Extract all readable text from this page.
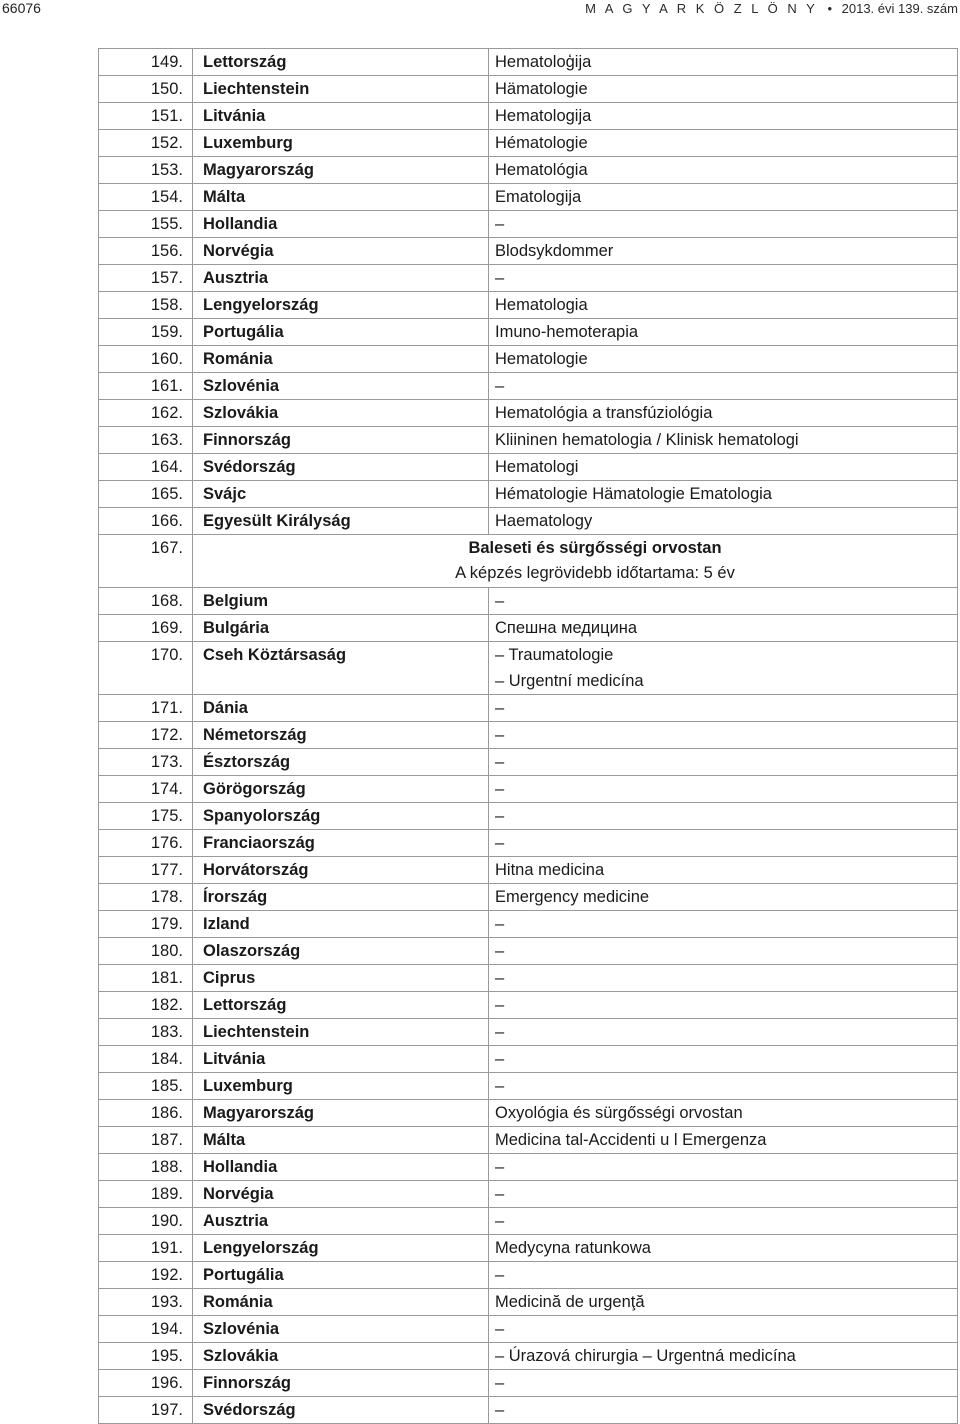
66076	M A G Y A R K Ö Z L Ö N Y • 2013. évi 139. szám
149.	Lettország	Hematoloģija

150.	Liechtenstein	Hämatologie

151.	Litvánia	Hematologija

152.	Luxemburg	Hématologie

153.	Magyarország	Hematológia

154.	Málta	Ematologija

155.	Hollandia	–

156.	Norvégia	Blodsykdommer

157.	Ausztria	–

158.	Lengyelország	Hematologia

159.	Portugália	Imuno-hemoterapia

160.	Románia	Hematologie

161.	Szlovénia	–

162.	Szlovákia	Hematológia a transfúziológia

163.	Finnország	Kliininen hematologia / Klinisk hematologi

164.	Svédország	Hematologi

165.	Svájc	Hématologie Hämatologie Ematologia

166.	Egyesült Királyság	Haematology

167.	Baleseti és sürgősségi orvostan
A képzés legrövidebb időtartama: 5 év	

168.	Belgium	–

169.	Bulgária	Спешна медицина

170.	Cseh Köztársaság	– Traumatologie
– Urgentní medicína

171.	Dánia	–

172.	Németország	–

173.	Észtország	–

174.	Görögország	–

175.	Spanyolország	–

176.	Franciaország	–

177.	Horvátország	Hitna medicina

178.	Írország	Emergency medicine

179.	Izland	–

180.	Olaszország	–

181.	Ciprus	–

182.	Lettország	–

183.	Liechtenstein	–

184.	Litvánia	–

185.	Luxemburg	–

186.	Magyarország	Oxyológia és sürgősségi orvostan

187.	Málta	Medicina tal-Accidenti u l Emergenza

188.	Hollandia	–

189.	Norvégia	–

190.	Ausztria	–

191.	Lengyelország	Medycyna ratunkowa

192.	Portugália	–

193.	Románia	Medicină de urgenţă

194.	Szlovénia	–

195.	Szlovákia	– Úrazová chirurgia – Urgentná medicína

196.	Finnország	–

197.	Svédország	–
